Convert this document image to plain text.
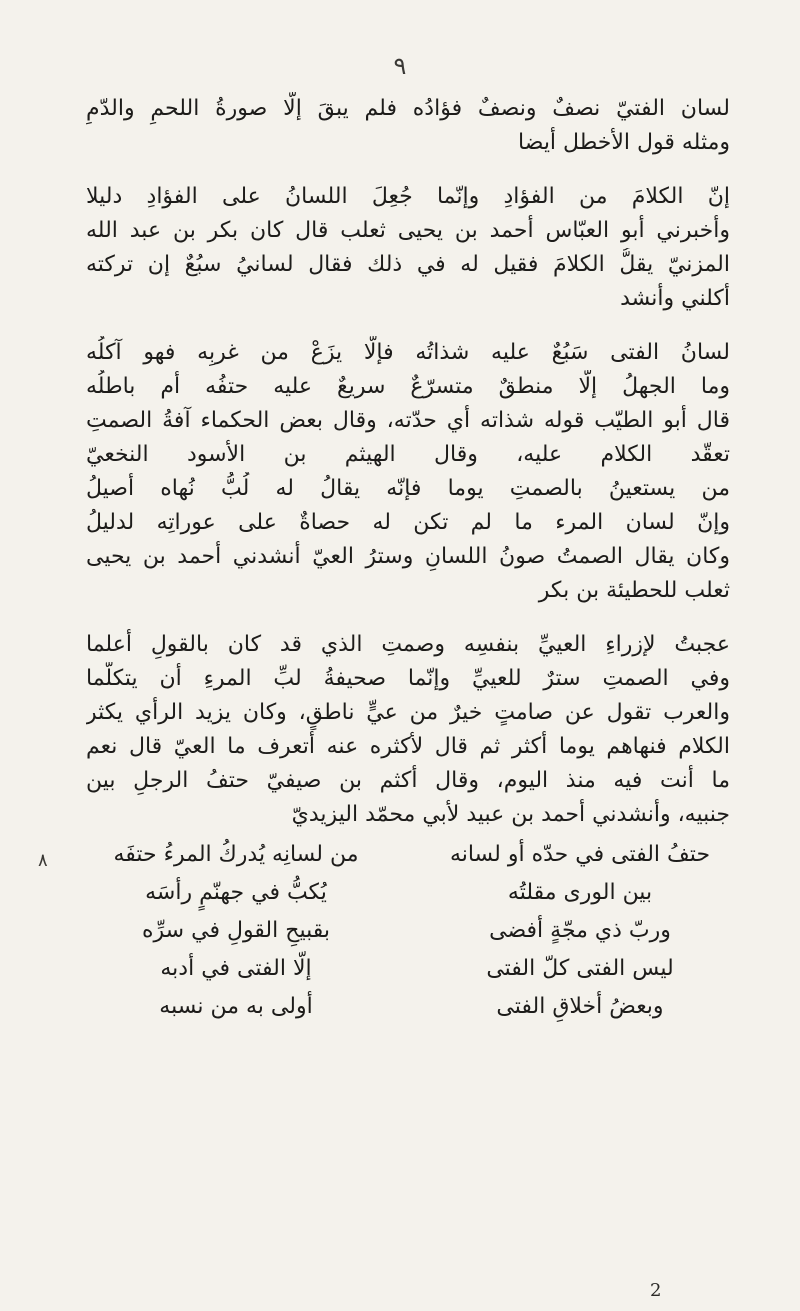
٩
٨
لسان الفتيّ نصفٌ ونصفٌ فؤادُه فلم يبقَ إلّا صورةُ اللحمِ والدّمِ
ومثله قول الأخطل أيضا
إنّ الكلامَ من الفؤادِ وإنّما جُعِلَ اللسانُ على الفؤادِ دليلا
وأخبرني أبو العبّاس أحمد بن يحيى ثعلب قال كان بكر بن عبد الله
المزنيّ يقلُّ الكلامَ فقيل له في ذلك فقال لسانيُ سبُعٌ إن تركته
أكلني وأنشد
لسانُ الفتى سَبُعٌ عليه شذاتُه فإلّا يزَعْ من غربِه فهو آكلُه
وما الجهلُ إلّا منطقٌ متسرّعٌ سريعٌ عليه حتفُه أم باطلُه
قال أبو الطيّب قوله شذاته أي حدّته، وقال بعض الحكماء آفةُ الصمتِ
تعقّد الكلام عليه، وقال الهيثم بن الأسود النخعيّ
من يستعينُ بالصمتِ يوما فإنّه يقالُ له لُبُّ نُهاه أصيلُ
وإنّ لسان المرء ما لم تكن له حصاةٌ على عوراتِه لدليلُ
وكان يقال الصمتُ صونُ اللسانِ وسترُ العيّ أنشدني أحمد بن يحيى
ثعلب للحطيئة بن بكر
عجبتُ لإزراءِ العييِّ بنفسِه وصمتِ الذي قد كان بالقولِ أعلما
وفي الصمتِ سترٌ للعييِّ وإنّما صحيفةُ لبِّ المرءِ أن يتكلّما
والعرب تقول عن صامتٍ خيرٌ من عيٍّ ناطقٍ، وكان يزيد الرأي يكثر
الكلام فنهاهم يوما أكثر ثم قال لأكثره عنه أتعرف ما العيّ قال نعم
ما أنت فيه منذ اليوم، وقال أكثم بن صيفيّ حتفُ الرجلِ بين
جنبيه، وأنشدني أحمد بن عبيد لأبي محمّد اليزيديّ
حتفُ الفتى في حدّه أو لسانه
من لسانِه يُدركُ المرءُ حتفَه
بين الورى مقلتُه
يُكبُّ في جهنّمٍ رأسَه
وربّ ذي مجّةٍ أفضى
بقبيحِ القولِ في سرِّه
ليس الفتى كلّ الفتى
إلّا الفتى في أدبه
وبعضُ أخلاقِ الفتى
أولى به من نسبه
2
